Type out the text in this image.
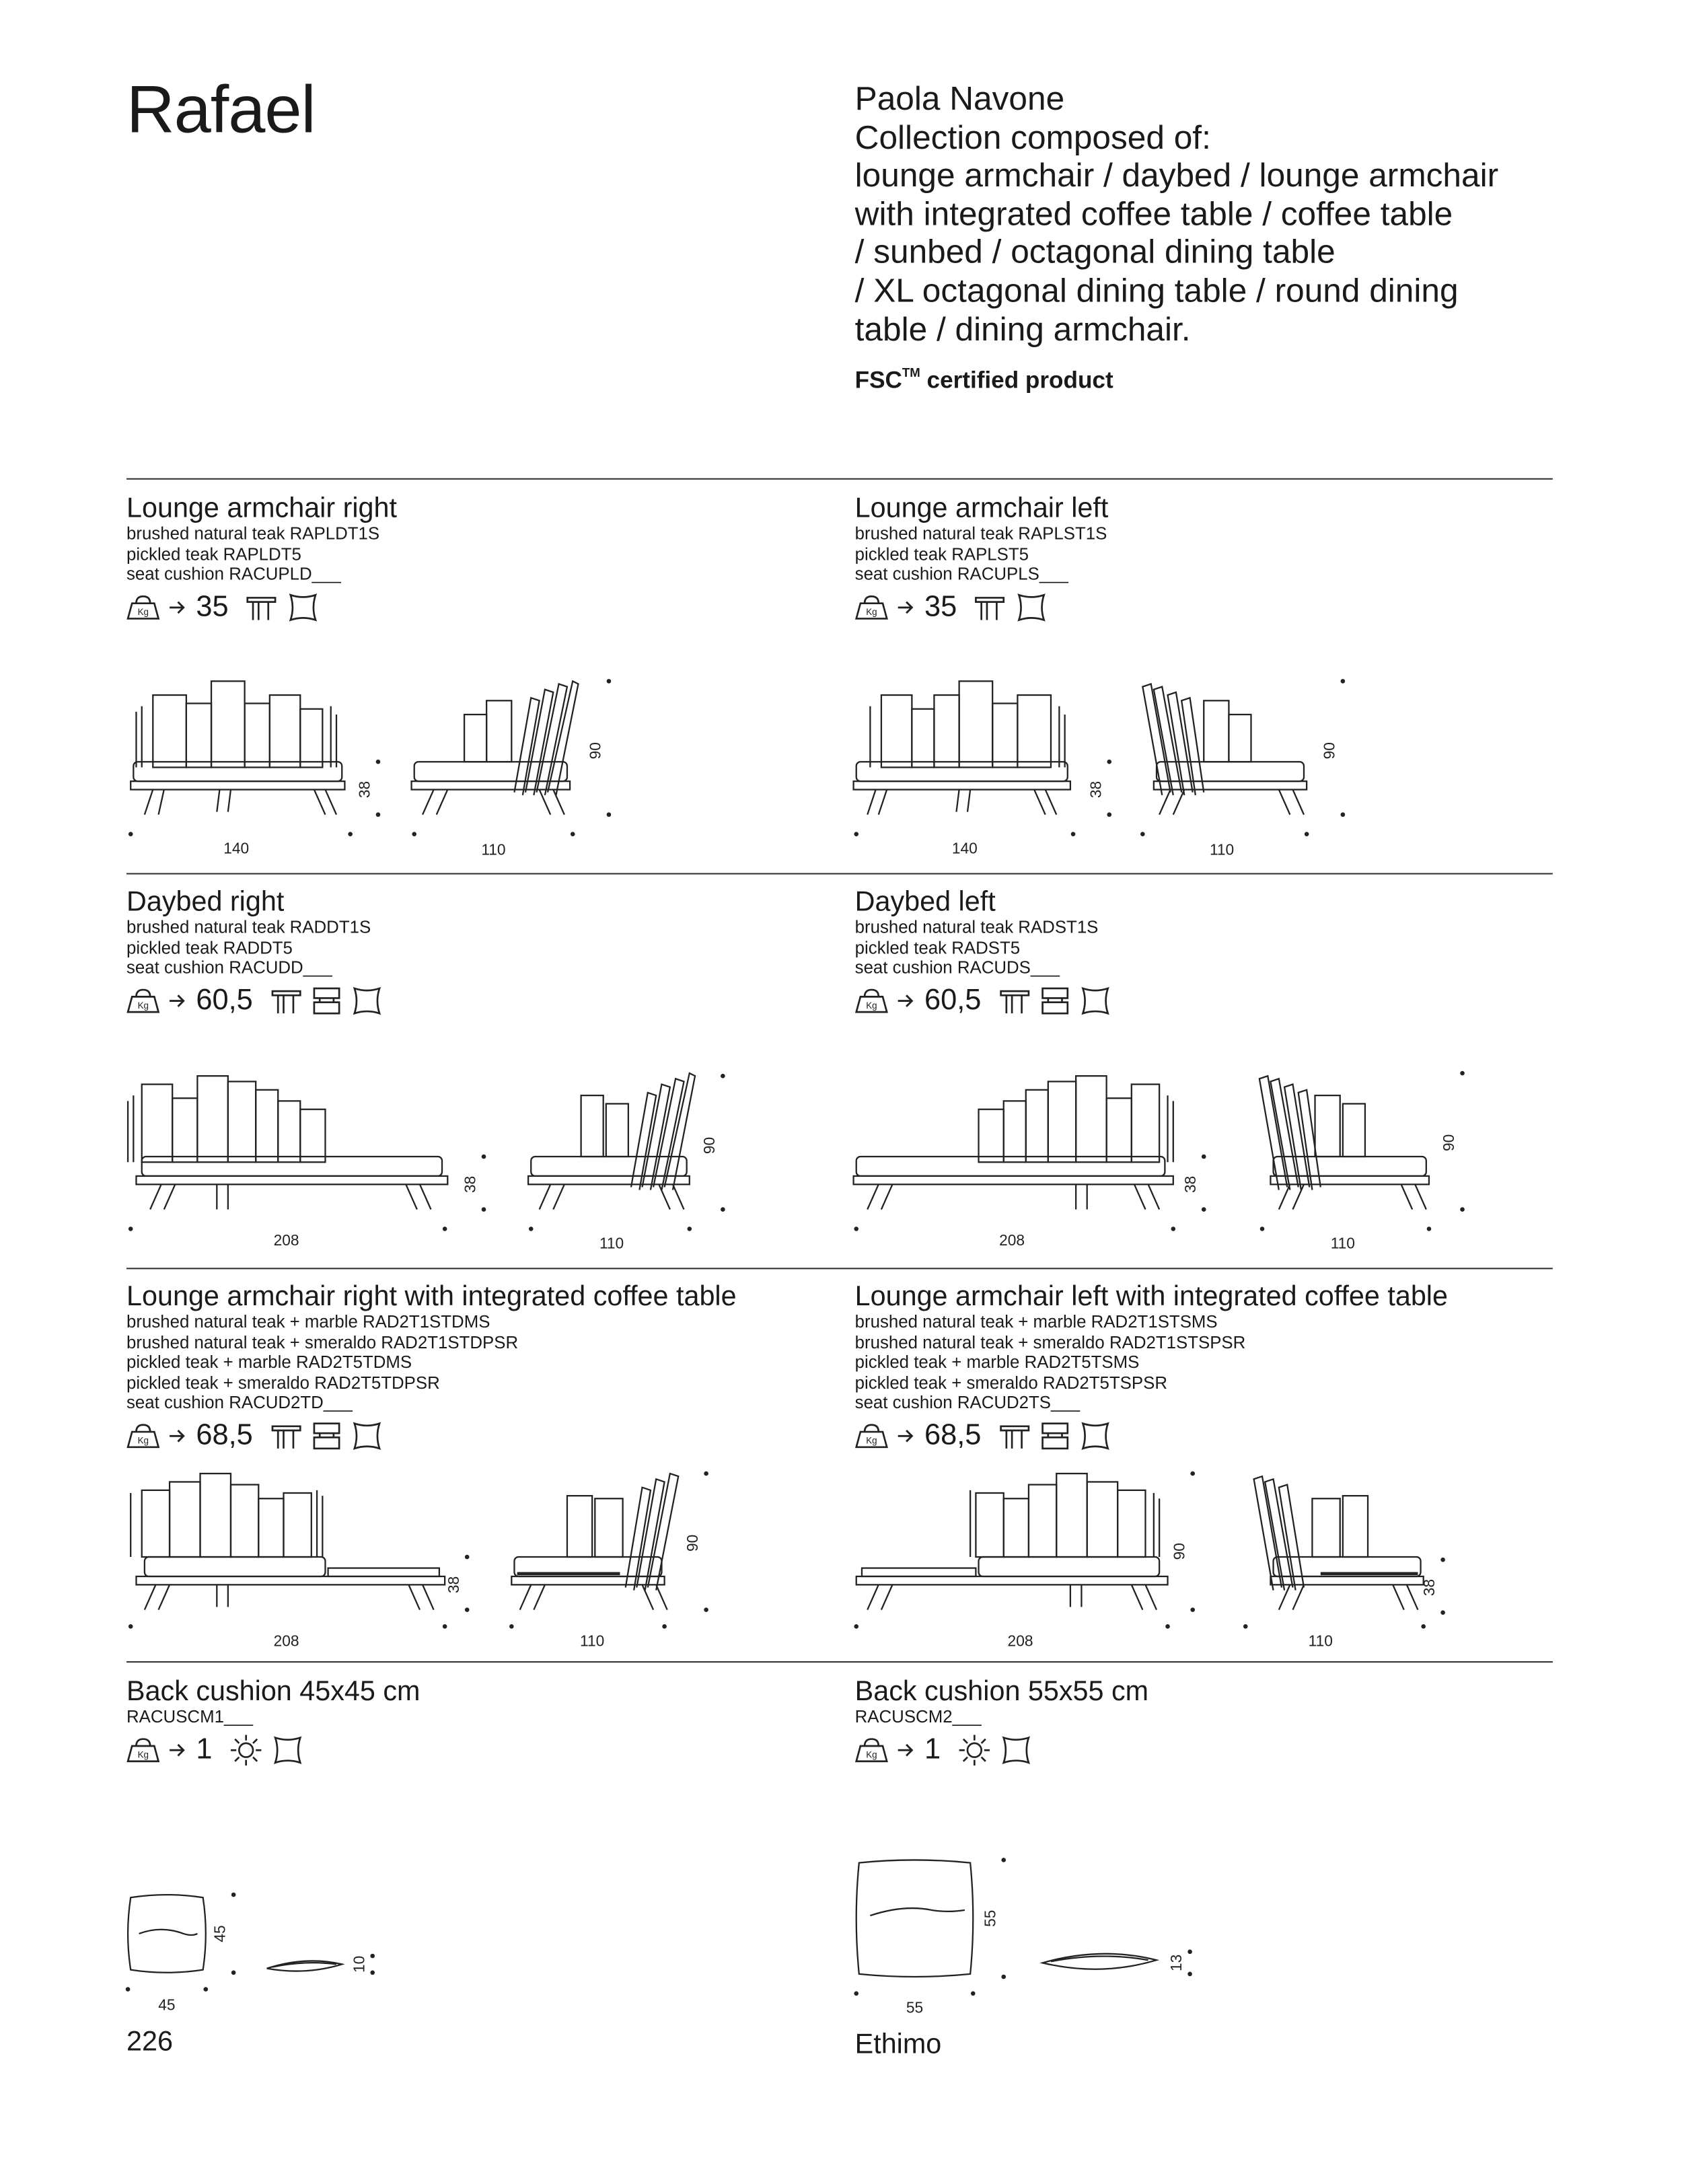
Rafael	Paola Navone
Collection composed of:
lounge armchair / daybed / lounge armchair
with integrated coffee table / coffee table
/ sunbed / octagonal dining table
/ XL octagonal dining table / round dining
table / dining armchair.
FSC™ certified product
Lounge armchair right
brushed natural teak RAPLDT1S
pickled teak RAPLDT5
seat cushion RACUPLD___
Kg	35
Lounge armchair left
brushed natural teak RAPLST1S
pickled teak RAPLST5
seat cushion RACUPLS___
Kg	35
Daybed right
brushed natural teak RADDT1S
pickled teak RADDT5
seat cushion RACUDD___
Kg	60,5
Daybed left
brushed natural teak RADST1S
pickled teak RADST5
seat cushion RACUDS___
Kg	60,5
Lounge armchair right with integrated coffee table
brushed natural teak + marble RAD2T1STDMS
brushed natural teak + smeraldo RAD2T1STDPSR
pickled teak + marble RAD2T5TDMS
pickled teak + smeraldo RAD2T5TDPSR
seat cushion RACUD2TD___
Kg	68,5
Lounge armchair left with integrated coffee table
brushed natural teak + marble RAD2T1STSMS
brushed natural teak + smeraldo RAD2T1STSPSR
pickled teak + marble RAD2T5TSMS
pickled teak + smeraldo RAD2T5TSPSR
seat cushion RACUD2TS___
Kg	68,5
Back cushion 45x45 cm
RACUSCM1___
Kg	1
Back cushion 55x55 cm
RACUSCM2___
Kg	1
140
38
110
90
140
38
110
90
208
38
110
90
208
38
110
90
208
38
110
90
208
90
110
38
45
45
10
55
55
13
226	Ethimo
